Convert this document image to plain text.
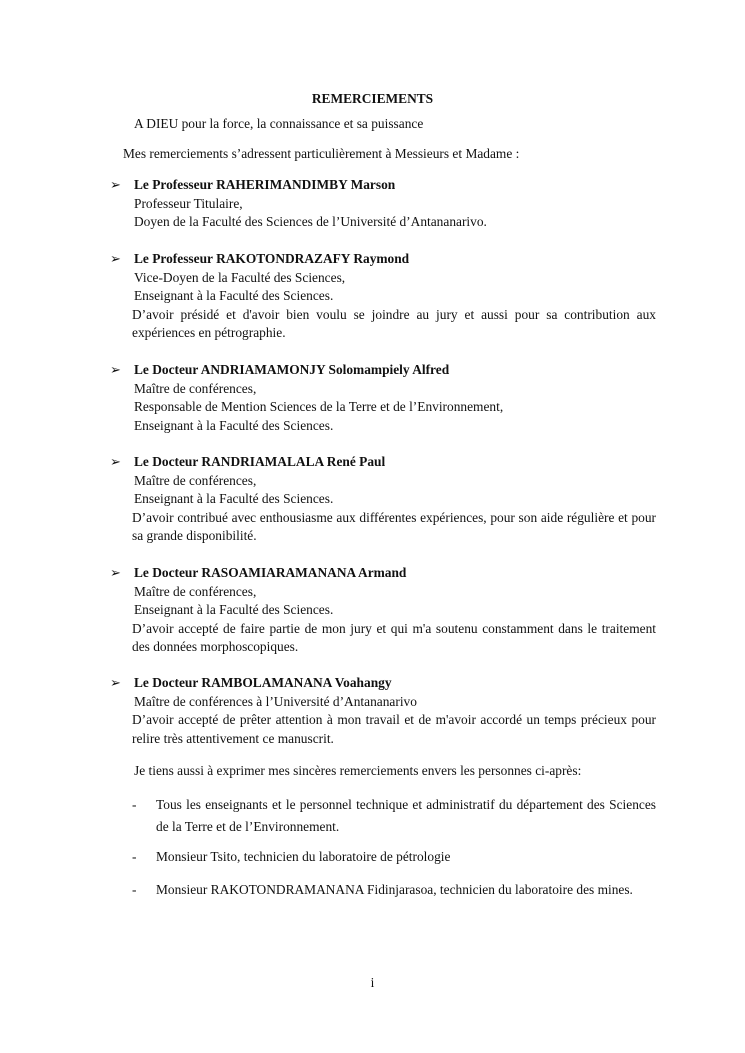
REMERCIEMENTS
A DIEU pour la force, la connaissance et sa puissance
Mes remerciements s’adressent particulièrement à Messieurs et Madame :
➢ Le Professeur RAHERIMANDIMBY Marson
Professeur Titulaire,
Doyen de la Faculté des Sciences de l’Université d’Antananarivo.
➢ Le Professeur RAKOTONDRAZAFY Raymond
Vice-Doyen de la Faculté des Sciences,
Enseignant à la Faculté des Sciences.
D’avoir présidé et d'avoir bien voulu se joindre au jury et aussi pour sa contribution aux expériences en pétrographie.
➢ Le Docteur ANDRIAMAMONJY Solomampiely Alfred
Maître de conférences,
Responsable de Mention Sciences de la Terre et de l’Environnement,
Enseignant à la Faculté des Sciences.
➢ Le Docteur RANDRIAMALALA René Paul
Maître de conférences,
Enseignant à la Faculté des Sciences.
D’avoir contribué avec enthousiasme aux différentes expériences, pour son aide régulière et pour sa grande disponibilité.
➢ Le Docteur RASOAMIARAMANANA Armand
Maître de conférences,
Enseignant à la Faculté des Sciences.
D’avoir accepté de faire partie de mon jury et qui m'a soutenu constamment dans le traitement des données morphoscopiques.
➢ Le Docteur RAMBOLAMANANA Voahangy
Maître de conférences à l’Université d’Antananarivo
D’avoir accepté de prêter attention à mon travail et de m'avoir accordé un temps précieux pour relire très attentivement ce manuscrit.
Je tiens aussi à exprimer mes sincères remerciements envers les personnes ci-après:
- Tous les enseignants et le personnel technique et administratif du département des Sciences de la Terre et de l’Environnement.
- Monsieur Tsito, technicien du laboratoire de pétrologie
- Monsieur RAKOTONDRAMANANA Fidinjarasoa, technicien du laboratoire des mines.
i
